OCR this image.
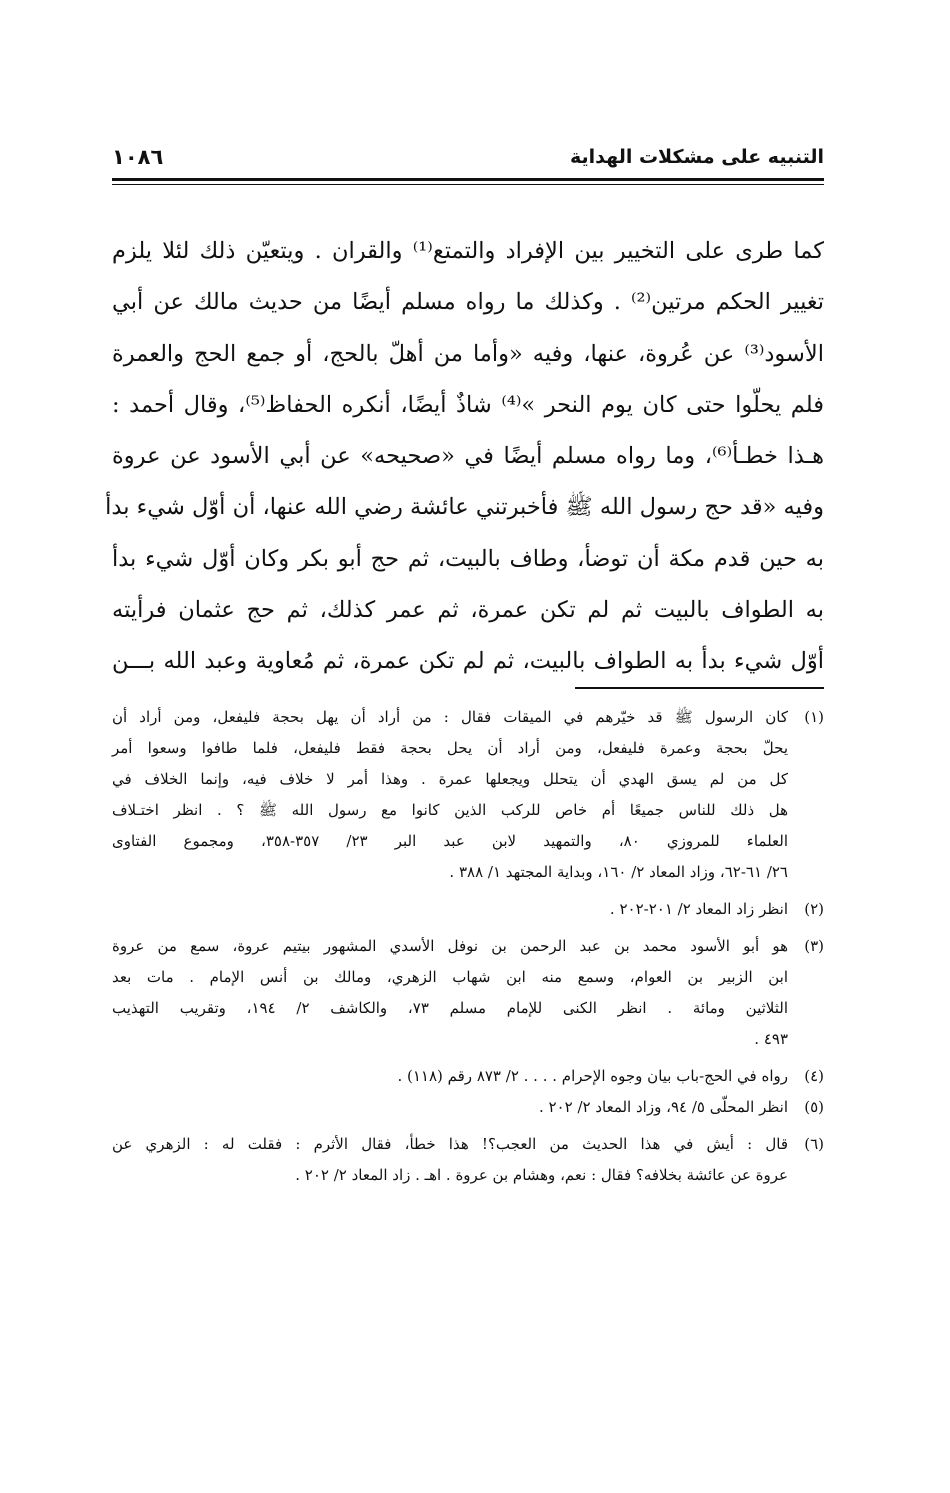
التنبيه على مشكلات الهداية
١٠٨٦
كما طرى على التخيير بين الإفراد والتمتع⁽¹⁾ والقران . ويتعيّن ذلك لئلا يلزم
تغيير الحكم مرتين⁽²⁾ . وكذلك ما رواه مسلم أيضًا من حديث مالك عن أبي
الأسود⁽³⁾ عن عُروة، عنها، وفيه «وأما من أهلّ بالحج، أو جمع الحج والعمرة
فلم يحلّوا حتى كان يوم النحر »⁽⁴⁾ شاذٌ أيضًا، أنكره الحفاظ⁽⁵⁾، وقال أحمد :
هـذا خطـأ⁽⁶⁾، وما رواه مسلم أيضًا في «صحيحه» عن أبي الأسود عن عروة
وفيه «قد حج رسول الله ﷺ فأخبرتني عائشة رضي الله عنها، أن أوّل شيء بدأ
به حين قدم مكة أن توضأ، وطاف بالبيت، ثم حج أبو بكر وكان أوّل شيء بدأ
به الطواف بالبيت ثم لم تكن عمرة، ثم عمر كذلك، ثم حج عثمان فرأيته
أوّل شيء بدأ به الطواف بالبيت، ثم لم تكن عمرة، ثم مُعاوية وعبد الله بـــن
(١)
كان الرسول ﷺ قد خيّرهم في الميقات فقال : من أراد أن يهل بحجة فليفعل، ومن أراد أن
يحلّ بحجة وعمرة فليفعل، ومن أراد أن يحل بحجة فقط فليفعل، فلما طافوا وسعوا أمر
كل من لم يسق الهدي أن يتحلل ويجعلها عمرة . وهذا أمر لا خلاف فيه، وإنما الخلاف في
هل ذلك للناس جميعًا أم خاص للركب الذين كانوا مع رسول الله ﷺ ؟ . انظر اختـلاف
العلماء للمروزي ٨٠، والتمهيد لابن عبد البر ٢٣/ ٣٥٧-٣٥٨، ومجموع الفتاوى
٢٦/ ٦١-٦٢، وزاد المعاد ٢/ ١٦٠، وبداية المجتهد ١/ ٣٨٨ .
(٢)
انظر زاد المعاد ٢/ ٢٠١-٢٠٢ .
(٣)
هو أبو الأسود محمد بن عبد الرحمن بن نوفل الأسدي المشهور بيتيم عروة، سمع من عروة
ابن الزبير بن العوام، وسمع منه ابن شهاب الزهري، ومالك بن أنس الإمام . مات بعد
الثلاثين ومائة . انظر الكنى للإمام مسلم ٧٣، والكاشف ٢/ ١٩٤، وتقريب التهذيب
٤٩٣ .
(٤)
رواه في الحج-باب بيان وجوه الإحرام . . . . ٢/ ٨٧٣ رقم (١١٨) .
(٥)
انظر المحلّى ٥/ ٩٤، وزاد المعاد ٢/ ٢٠٢ .
(٦)
قال : أيش في هذا الحديث من العجب؟! هذا خطأ، فقال الأثرم : فقلت له : الزهري عن
عروة عن عائشة بخلافه؟ فقال : نعم، وهشام بن عروة . اهـ . زاد المعاد ٢/ ٢٠٢ .
